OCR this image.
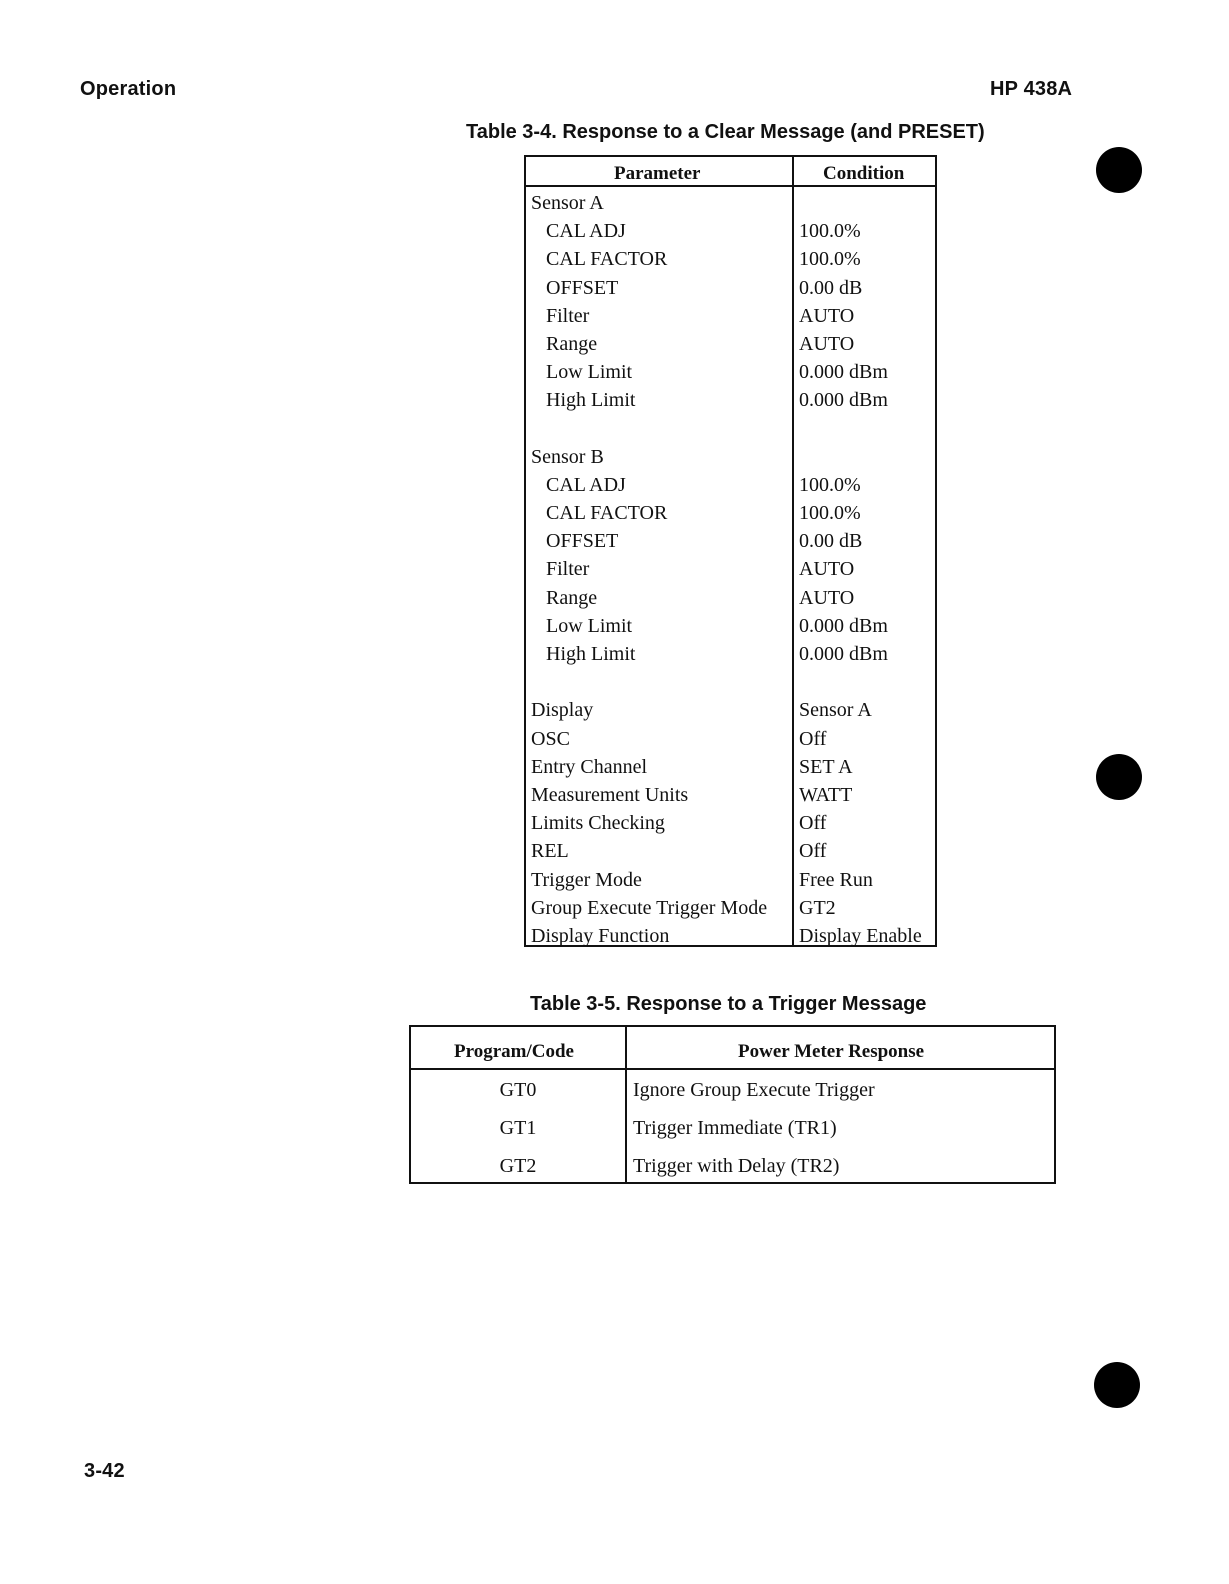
Operation	HP 438A
Table 3-4. Response to a Clear Message (and PRESET)
Parameter	Condition
Sensor A
CAL ADJ	100.0%
CAL FACTOR	100.0%
OFFSET	0.00 dB
Filter	AUTO
Range	AUTO
Low Limit	0.000 dBm
High Limit	0.000 dBm
Sensor B
CAL ADJ	100.0%
CAL FACTOR	100.0%
OFFSET	0.00 dB
Filter	AUTO
Range	AUTO
Low Limit	0.000 dBm
High Limit	0.000 dBm
Display	Sensor A
OSC	Off
Entry Channel	SET A
Measurement Units	WATT
Limits Checking	Off
REL	Off
Trigger Mode	Free Run
Group Execute Trigger Mode GT2
Display Function	Display Enable
Table 3-5. Response to a Trigger Message
Program/Code	Power Meter Response
GT0	Ignore Group Execute Trigger
GT1	Trigger Immediate (TR1)
GT2	Trigger with Delay (TR2)
3-42
